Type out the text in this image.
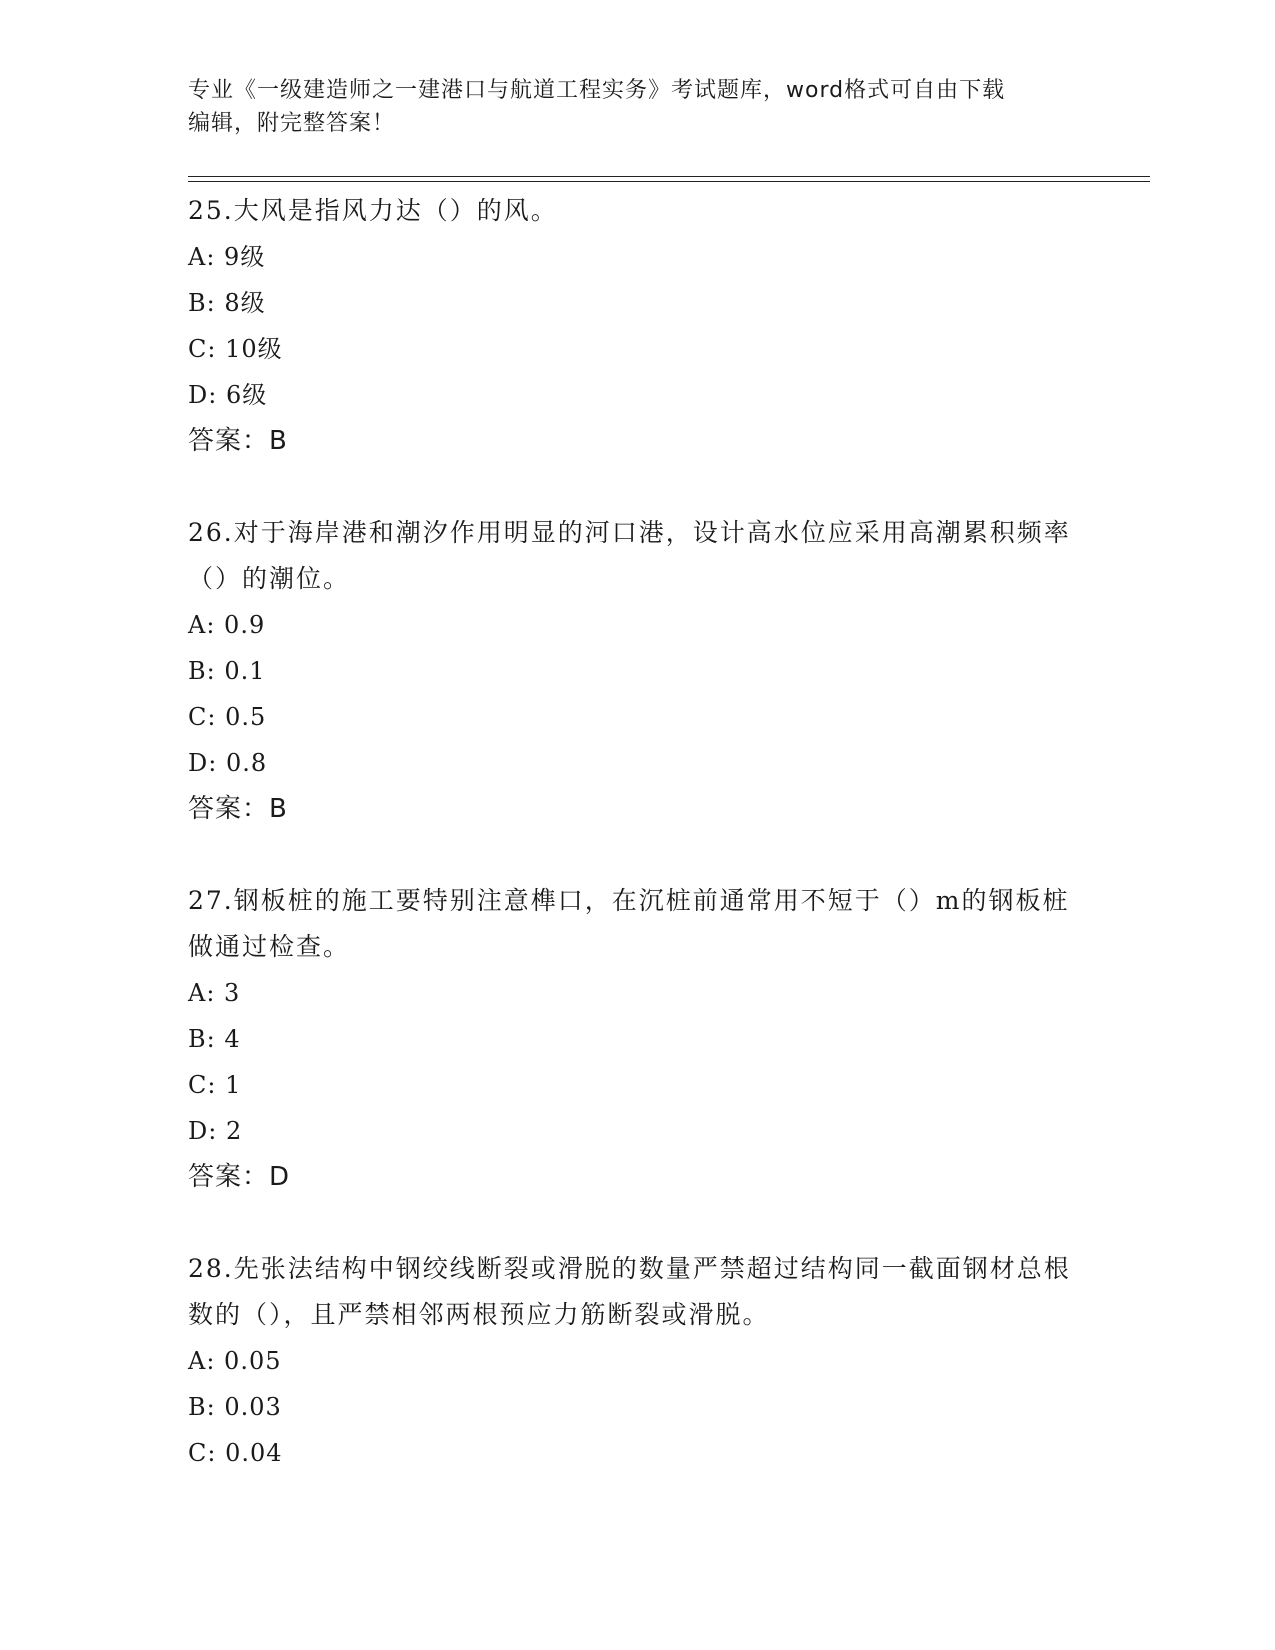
专业《一级建造师之一建港口与航道工程实务》考试题库，word格式可自由下载
编辑，附完整答案！

25.大风是指风力达（）的风。

A: 9级

B: 8级

C: 10级

D: 6级

答案：B

26.对于海岸港和潮汐作用明显的河口港，设计高水位应采用高潮累积频率（）的潮位。

A: 0.9

B: 0.1

C: 0.5

D: 0.8

答案：B

27.钢板桩的施工要特别注意榫口，在沉桩前通常用不短于（）m的钢板桩做通过检查。

A: 3

B: 4

C: 1

D: 2

答案：D

28.先张法结构中钢绞线断裂或滑脱的数量严禁超过结构同一截面钢材总根数的（），且严禁相邻两根预应力筋断裂或滑脱。

A: 0.05

B: 0.03

C: 0.04
